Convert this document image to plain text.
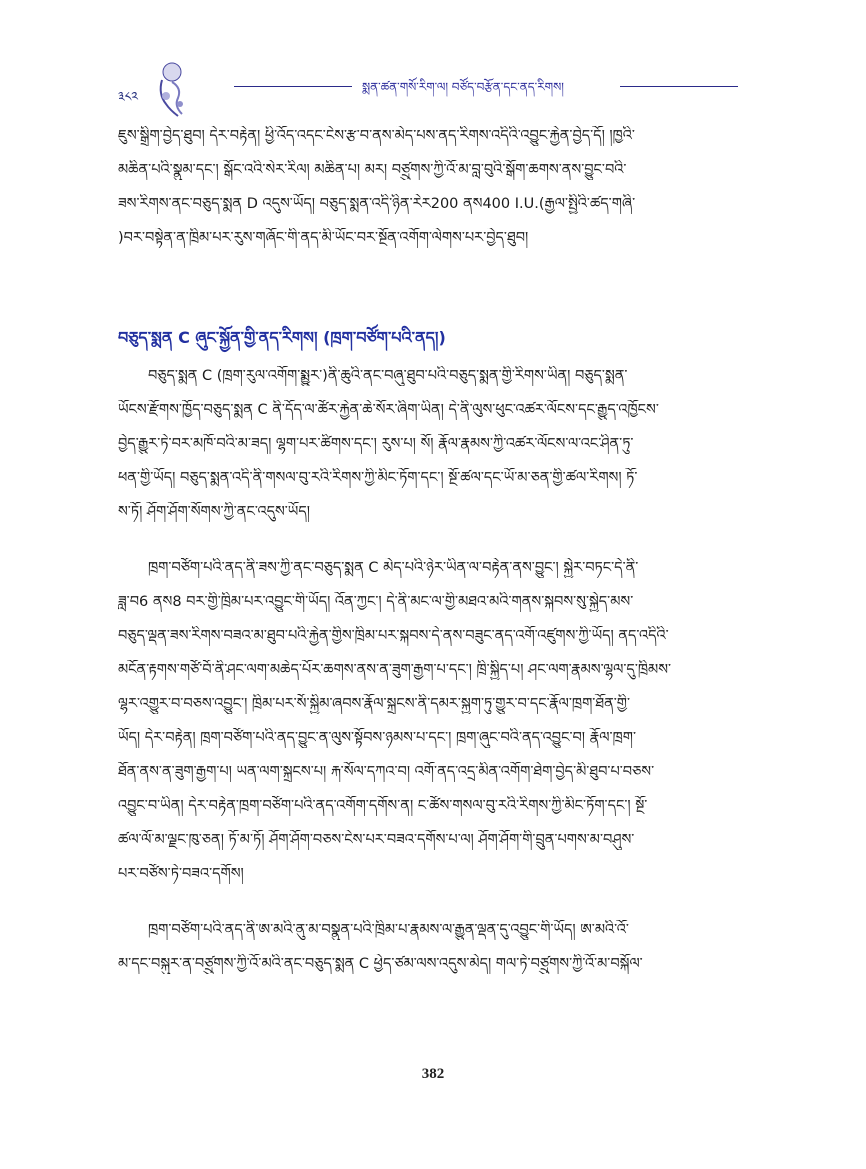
༣༨༢
སྨན་ཚན་གསོ་རིག་ལ། བཙོད་བརྩོན་དང་ནད་རིགས།
ཇུས་སྒྲིག་བྱེད་ཐུབ། དེར་བརྟེན། ཕྱི་འོད་འདང་ངེས་རྩ་བ་ནས་མེད་པས་ནད་རིགས་འདིའི་འབྱུང་རྐྱེན་བྱེད་དོ། །ཁྱའི་
མཆིན་པའི་སྣུམ་དང་། སྒོང་འའི་སེར་རིལ། མཆིན་པ། མར། བཙྲུགས་ཀྱི་འོ་མ་བླ་བུའི་སྒོག་ཆགས་ནས་བྱུང་བའི་
ཟས་རིགས་ནང་བཅུད་སྨན D འདུས་ཡོད། བཅུད་སྨན་འདི་ཉིན་རེར200 ནས400 I.U.(རྒྱལ་སྤྱིའི་ཚད་གཞི་
)བར་བསྟེན་ན་ཁྲིམ་པར་རུས་གཞོང་གི་ནད་མི་ཡོང་བར་སྔོན་འགོག་ལེགས་པར་བྱེད་ཐུབ།
བཅུད་སྨན C ཞུང་སྐྱོན་གྱི་ནད་རིགས། (ཁྲག་བཙོག་པའི་ནད།)
བཅུད་སྨན C (ཁྲག་རུལ་འགོག་སྨྱུར་)ནི་ཆུའི་ནང་བཞུ་ཐུབ་པའི་བཅུད་སྨན་གྱི་རིགས་ཡིན། བཅུད་སྨན་
ཡོངས་རྫོགས་ཁྱོད་བཅུད་སྨན C ནི་དོད་ལ་ཚོར་རྐྱེན་ཆེ་སོར་ཞིག་ཡིན། དེ་ནི་ལུས་ཕུང་འཚར་ལོངས་དང་རྒྱུད་འཁྱོངས་
བྱེད་རྒྱུར་ཏེ་བར་མཁོ་བའི་མ་ཟད། ལྷག་པར་ཚིགས་དང་། རུས་པ། སོ། རྣོལ་རྣམས་ཀྱི་འཚར་ལོངས་ལ་འང་ཤིན་ཏུ་
ཕན་གྱི་ཡོད། བཅུད་སྨན་འདི་ནི་གསལ་བུ་རའི་རིགས་ཀྱི་མིང་ཏོག་དང་། སྔོ་ཚལ་དང་ཡོ་མ་ཅན་གྱི་ཚལ་རིགས། ཏོ་
ས་ཏོ། ཤོག་ཤོག་སོགས་ཀྱི་ནང་འདུས་ཡོད།
ཁྲག་བཙོག་པའི་ནད་ནི་ཟས་ཀྱི་ནང་བཅུད་སྨན C མེད་པའི་ཉེར་ཡིན་ལ་བརྟེན་ནས་བྱུང་། སྐྱེར་བཏང་དེ་ནི་
ཟླ་བ6 ནས8 བར་གྱི་ཁྲིམ་པར་འབྱུང་གི་ཡོད། འོན་ཀྱང་། དེ་ནི་མང་ལ་གྱི་མཐའ་མའི་གནས་སྐབས་སུ་སྐྱེད་མས་
བཅུད་ལྡན་ཟས་རིགས་བཟའ་མ་ཐུབ་པའི་རྐྱེན་གྱིས་ཁྲིམ་པར་སྐབས་དེ་ནས་བཟུང་ནད་འགོ་འཛུགས་ཀྱི་ཡོད། ནད་འདིའི་
མངོན་རྟགས་གཙོ་བོ་ནི་ཤང་ལག་མཆེད་པོར་ཆགས་ནས་ན་ཟུག་རྒྱག་པ་དང་། ཁྲི་སྐྱིད་པ། ཤང་ལག་རྣམས་ལྷལ་དུ་ཁྲིམས་
ལྷར་འགྱུར་བ་བཅས་འབྱུང་། ཁྲིམ་པར་སོ་སྐྱིམ་ཞབས་རྣོལ་སྐྲངས་ནི་དམར་སྐྱག་ཏུ་གྱུར་བ་དང་རྣོལ་ཁྲག་ཐོན་གྱི་
ཡོད། དེར་བརྟེན། ཁྲག་བཙོག་པའི་ནད་བྱུང་ན་ལུས་སྟོབས་ཉམས་པ་དང་། ཁྲག་ཞུང་བའི་ནད་འབྱུང་བ། རྣོལ་ཁྲག་
ཐོན་ནས་ན་ཟུག་རྒྱག་པ། ཡན་ལག་སྐྲངས་པ། རྐ་སོལ་དཀའ་བ། འགོ་ནད་འདྲ་མིན་འགོག་ཐེག་བྱེད་མི་ཐུབ་པ་བཅས་
འབྱུང་བ་ཡིན། དེར་བརྟེན་ཁྲག་བཙོག་པའི་ནད་འགོག་དགོས་ན། ང་ཚོས་གསལ་བུ་རའི་རིགས་ཀྱི་མིང་ཏོག་དང་། སྔོ་
ཚལ་ལོ་མ་ལྗང་ཁུ་ཅན། ཏོ་མ་ཏོ། ཤོག་ཤོག་བཅས་ངེས་པར་བཟའ་དགོས་པ་ལ། ཤོག་ཤོག་གི་བྲུན་པགས་མ་བཤུས་
པར་བཙོས་ཏེ་བཟའ་དགོས།
ཁྲག་བཙོག་པའི་ནད་ནི་ཨ་མའི་ནུ་མ་བསྣུན་པའི་ཁྲིམ་པ་རྣམས་ལ་རྒྱུན་ལྡན་དུ་འབྱུང་གི་ཡོད། ཨ་མའི་འོ་
མ་དང་བསྐུར་ན་བཙྲུགས་ཀྱི་འོ་མའི་ནང་བཅུད་སྨན C ཕྱེད་ཙམ་ལས་འདུས་མེད། གལ་ཏེ་བཙྲུགས་ཀྱི་འོ་མ་བསྐོལ་
382
